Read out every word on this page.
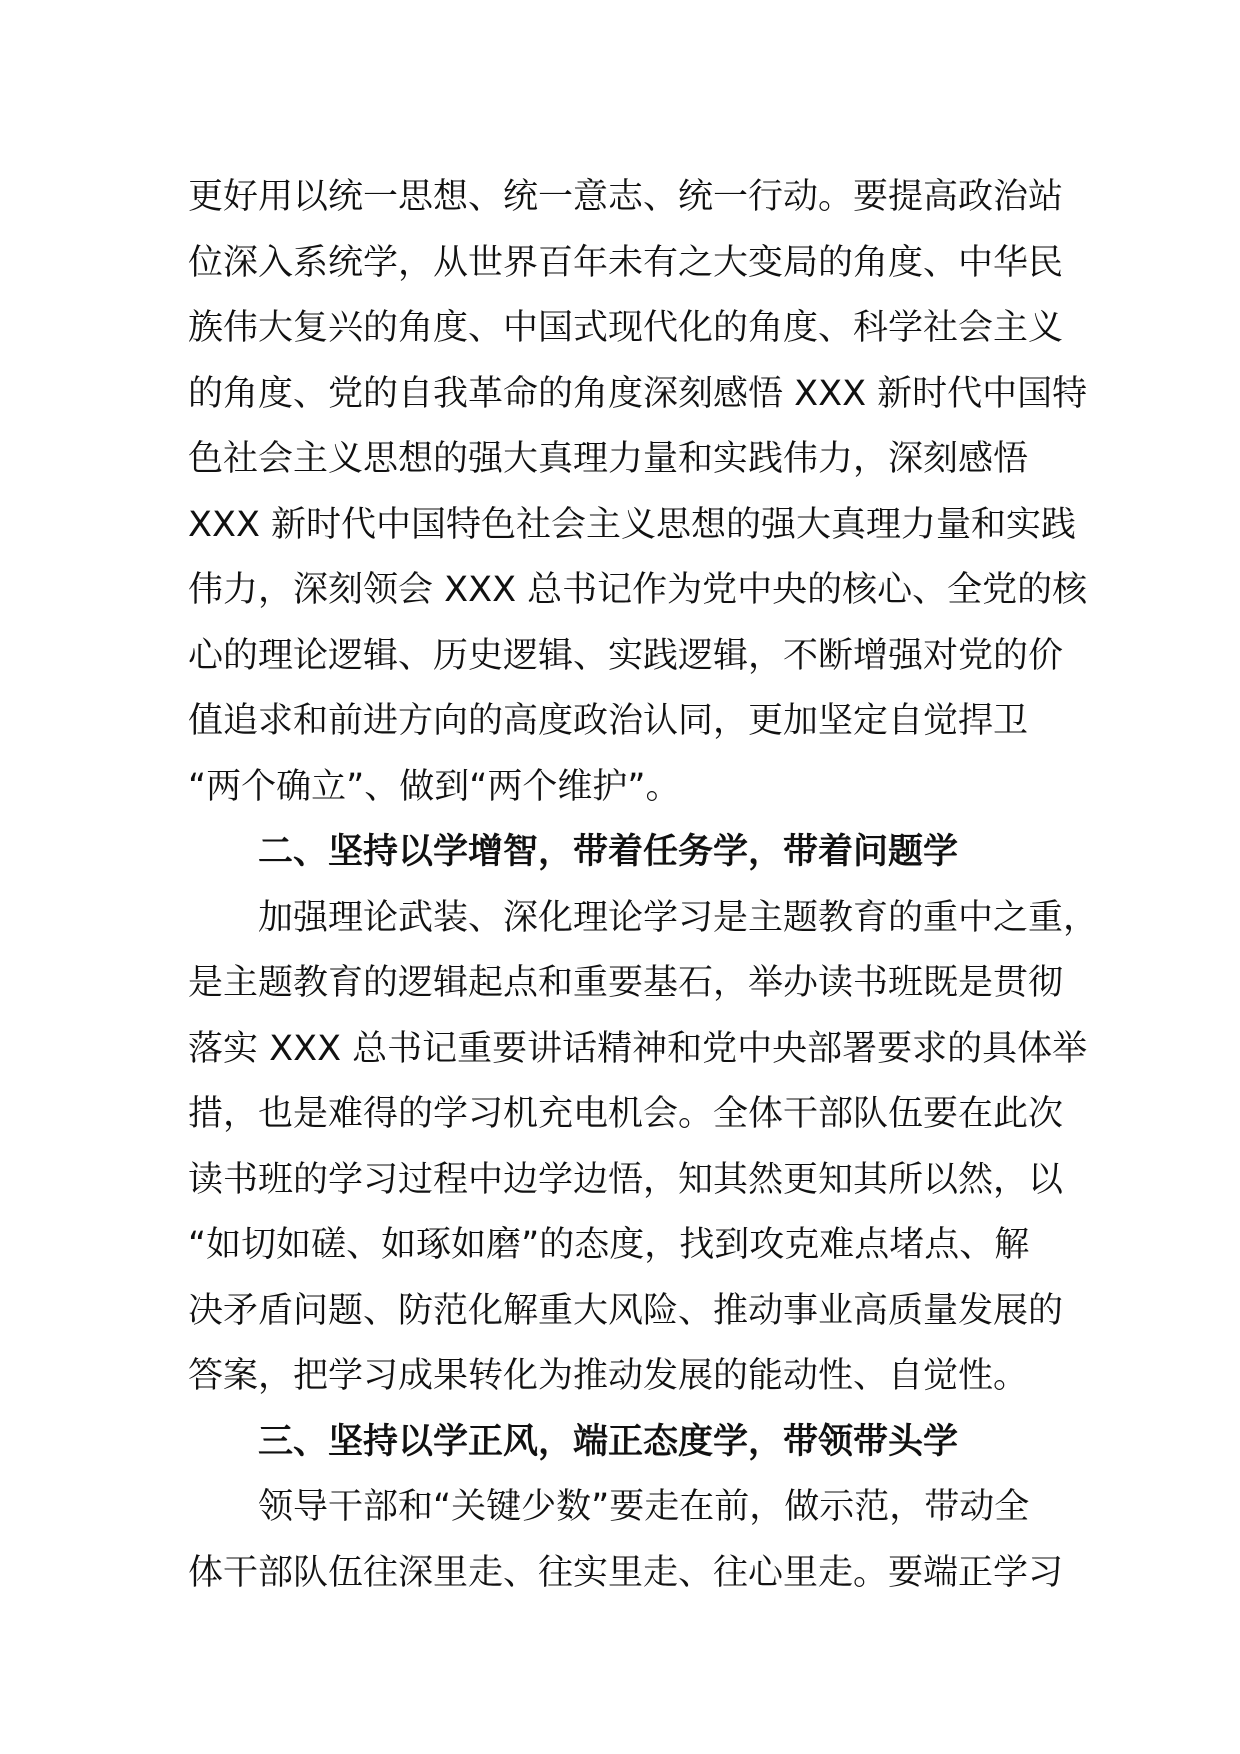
更好用以统一思想、统一意志、统一行动。要提高政治站
位深入系统学，从世界百年未有之大变局的角度、中华民
族伟大复兴的角度、中国式现代化的角度、科学社会主义
的角度、党的自我革命的角度深刻感悟 XXX 新时代中国特
色社会主义思想的强大真理力量和实践伟力，深刻感悟
XXX 新时代中国特色社会主义思想的强大真理力量和实践
伟力，深刻领会 XXX 总书记作为党中央的核心、全党的核
心的理论逻辑、历史逻辑、实践逻辑，不断增强对党的价
值追求和前进方向的高度政治认同，更加坚定自觉捍卫
“两个确立”、做到“两个维护”。
二、坚持以学增智，带着任务学，带着问题学
加强理论武装、深化理论学习是主题教育的重中之重，
是主题教育的逻辑起点和重要基石，举办读书班既是贯彻
落实 XXX 总书记重要讲话精神和党中央部署要求的具体举
措，也是难得的学习机充电机会。全体干部队伍要在此次
读书班的学习过程中边学边悟，知其然更知其所以然，以
“如切如磋、如琢如磨”的态度，找到攻克难点堵点、解
决矛盾问题、防范化解重大风险、推动事业高质量发展的
答案，把学习成果转化为推动发展的能动性、自觉性。
三、坚持以学正风，端正态度学，带领带头学
领导干部和“关键少数”要走在前，做示范，带动全
体干部队伍往深里走、往实里走、往心里走。要端正学习
